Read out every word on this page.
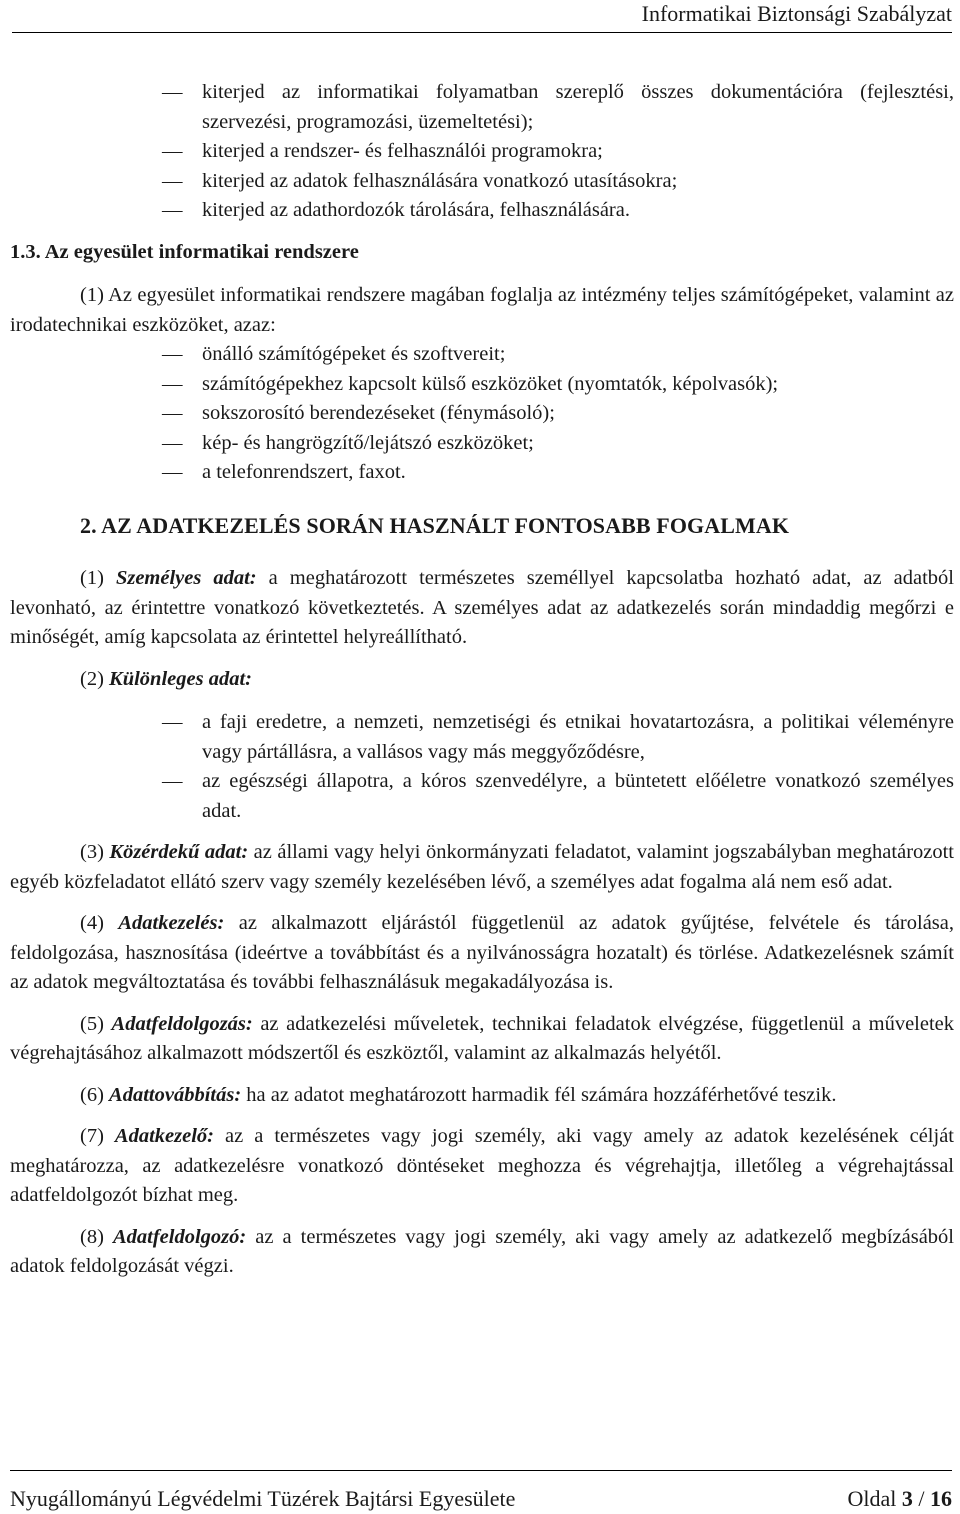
Informatikai Biztonsági Szabályzat
—
kiterjed az informatikai folyamatban szereplő összes dokumentációra (fejlesztési, szervezési, programozási, üzemeltetési);
—
kiterjed a rendszer- és felhasználói programokra;
—
kiterjed az adatok felhasználására vonatkozó utasításokra;
—
kiterjed az adathordozók tárolására, felhasználására.
1.3. Az egyesület informatikai rendszere
(1) Az egyesület informatikai rendszere magában foglalja az intézmény teljes számítógépeket, valamint az irodatechnikai eszközöket, azaz:
—
önálló számítógépeket és szoftvereit;
—
számítógépekhez kapcsolt külső eszközöket (nyomtatók, képolvasók);
—
sokszorosító berendezéseket (fénymásoló);
—
kép- és hangrögzítő/lejátszó eszközöket;
—
a telefonrendszert, faxot.
2. AZ ADATKEZELÉS SORÁN HASZNÁLT FONTOSABB FOGALMAK
(1) Személyes adat: a meghatározott természetes személlyel kapcsolatba hozható adat, az adatból levonható, az érintettre vonatkozó következtetés. A személyes adat az adatkezelés során mindaddig megőrzi e minőségét, amíg kapcsolata az érintettel helyreállítható.
(2) Különleges adat:
—
a faji eredetre, a nemzeti, nemzetiségi és etnikai hovatartozásra, a politikai véleményre vagy pártállásra, a vallásos vagy más meggyőződésre,
—
az egészségi állapotra, a kóros szenvedélyre, a büntetett előéletre vonatkozó személyes adat.
(3) Közérdekű adat: az állami vagy helyi önkormányzati feladatot, valamint jogszabályban meghatározott egyéb közfeladatot ellátó szerv vagy személy kezelésében lévő, a személyes adat fogalma alá nem eső adat.
(4) Adatkezelés: az alkalmazott eljárástól függetlenül az adatok gyűjtése, felvétele és tárolása, feldolgozása, hasznosítása (ideértve a továbbítást és a nyilvánosságra hozatalt) és törlése. Adatkezelésnek számít az adatok megváltoztatása és további felhasználásuk megakadályozása is.
(5) Adatfeldolgozás: az adatkezelési műveletek, technikai feladatok elvégzése, függetlenül a műveletek végrehajtásához alkalmazott módszertől és eszköztől, valamint az alkalmazás helyétől.
(6) Adattovábbítás: ha az adatot meghatározott harmadik fél számára hozzáférhetővé teszik.
(7) Adatkezelő: az a természetes vagy jogi személy, aki vagy amely az adatok kezelésének célját meghatározza, az adatkezelésre vonatkozó döntéseket meghozza és végrehajtja, illetőleg a végrehajtással adatfeldolgozót bízhat meg.
(8) Adatfeldolgozó: az a természetes vagy jogi személy, aki vagy amely az adatkezelő megbízásából adatok feldolgozását végzi.
Nyugállományú Légvédelmi Tüzérek Bajtársi Egyesülete	Oldal 3 / 16
